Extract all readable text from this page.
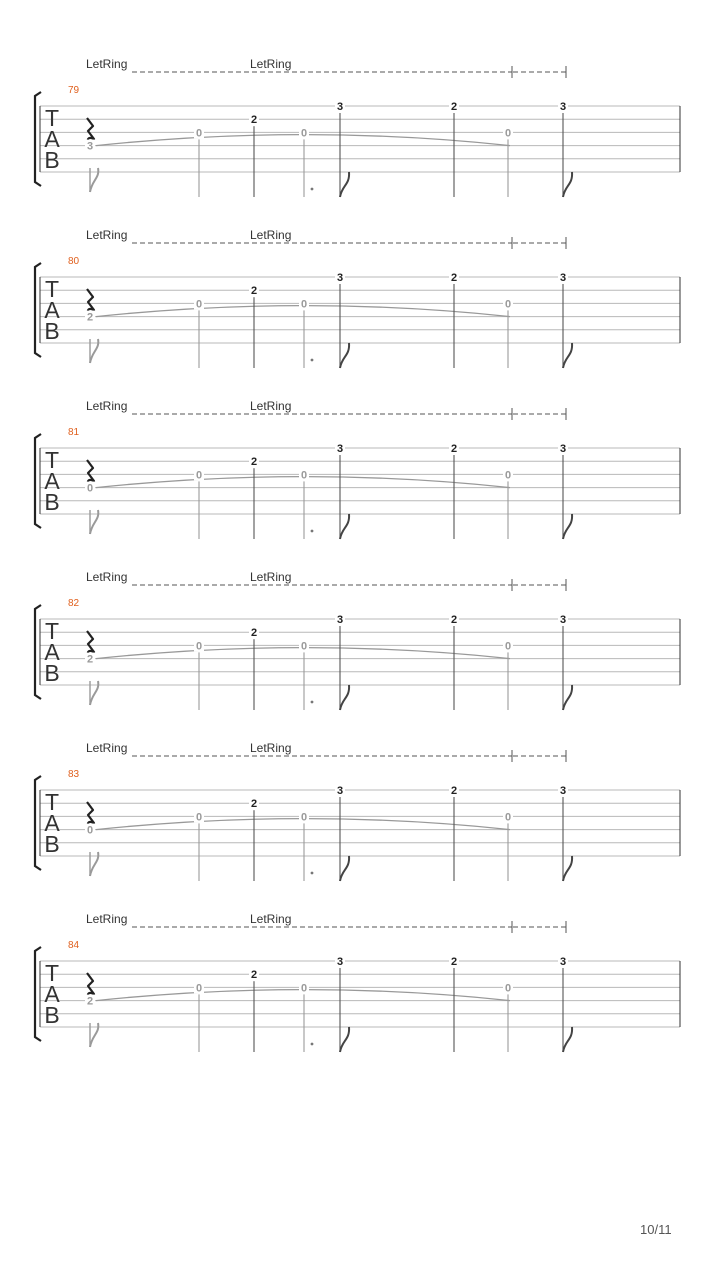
LetRing	LetRing
79
T
A
B
3
0
2
0
3	2
0
3
LetRing	LetRing
80
T
A
B
2
0
2
0
3	2
0
3
LetRing	LetRing
81
T
A
B
0
0
2
0
3	2
0
3
LetRing	LetRing
82
T
A
B
2
0
2
0
3	2
0
3
LetRing	LetRing
83
T
A
B
0
0
2
0
3	2
0
3
LetRing	LetRing
84
T
A
B
2
0
2
0
3	2
0
3
10/11
